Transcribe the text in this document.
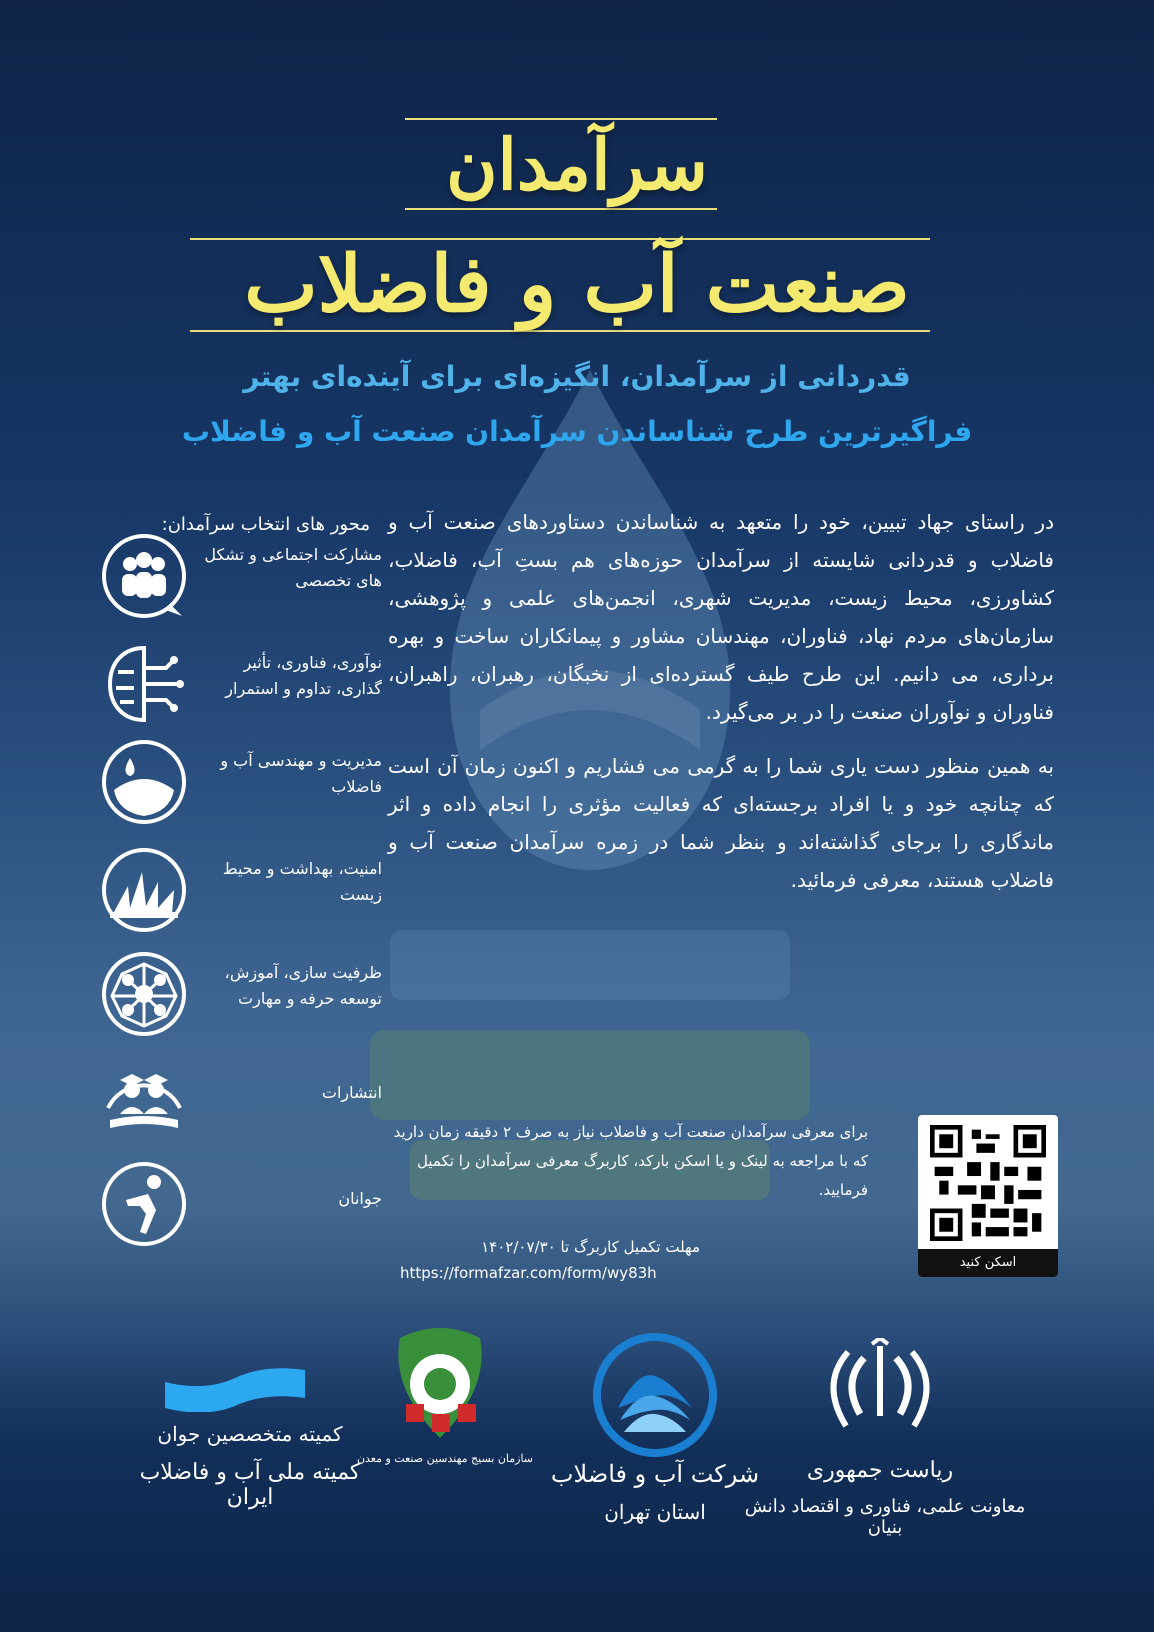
سرآمدان
صنعت آب و فاضلاب
قدردانی از سرآمدان، انگیزه‌ای برای آینده‌ای بهتر
فراگیرترین طرح شناساندن سرآمدان صنعت آب و فاضلاب

در راستای جهاد تبیین، خود را متعهد به شناساندن دستاوردهای صنعت آب و فاضلاب و قدردانی شایسته از سرآمدان حوزه‌های هم بستِ آب، فاضلاب، کشاورزی، محیط زیست، مدیریت شهری، انجمن‌های علمی و پژوهشی، سازمان‌های مردم نهاد، فناوران، مهندسان مشاور و پیمانکاران ساخت و بهره برداری، می دانیم. این طرح طیف گسترده‌ای از نخبگان، رهبران، راهبران، فناوران و نوآوران صنعت را در بر می‌گیرد.

به همین منظور دست یاری شما را به گرمی می فشاریم و اکنون زمان آن است که چنانچه خود و یا افراد برجسته‌ای که فعالیت مؤثری را انجام داده و اثر ماندگاری را برجای گذاشته‌اند و بنظر شما در زمره سرآمدان صنعت آب و فاضلاب هستند، معرفی فرمائید.

محور های انتخاب سرآمدان:
مشارکت اجتماعی و تشکل های تخصصی
نوآوری، فناوری، تأثیر گذاری، تداوم و استمرار
مدیریت و مهندسی آب و فاضلاب
امنیت، بهداشت و محیط زیست
ظرفیت سازی، آموزش، توسعه حرفه و مهارت
انتشارات
جوانان
برای معرفی سرآمدان صنعت آب و فاضلاب نیاز به صرف ۲ دقیقه زمان دارید که با مراجعه به لینک و یا اسکن بارکد، کاربرگ معرفی سرآمدان را تکمیل فرمایید.
مهلت تکمیل کاربرگ تا ۱۴۰۲/۰۷/۳۰
https://formafzar.com/form/wy83h
اسکن کنید
ریاست جمهوری
معاونت علمی، فناوری و اقتصاد دانش بنیان
شرکت آب و فاضلاب
استان تهران
سازمان بسیج مهندسین صنعت و معدن
کمیته متخصصین جوان
کمیته ملی آب و فاضلاب ایران
